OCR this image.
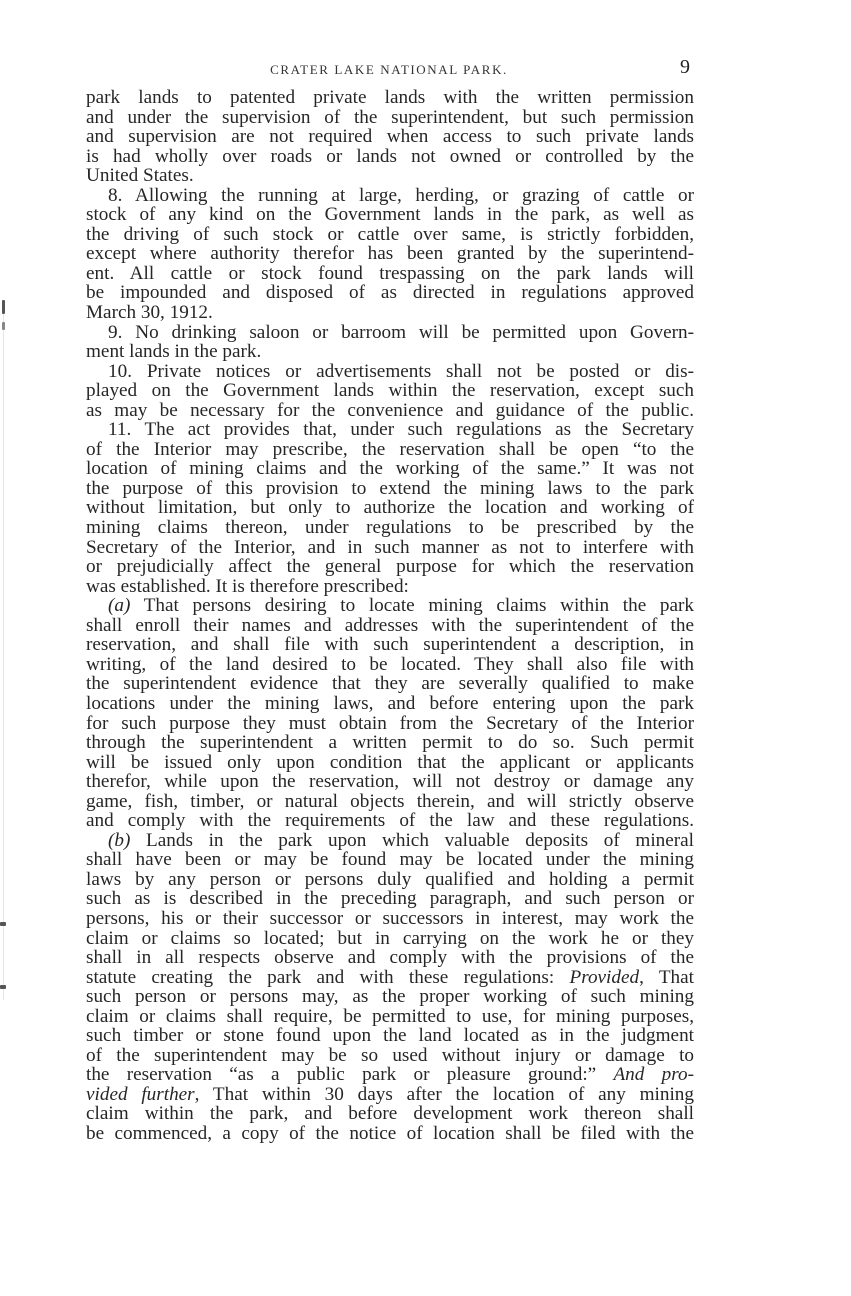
CRATER LAKE NATIONAL PARK.	9

park lands to patented private lands with the written permission
and under the supervision of the superintendent, but such permission
and supervision are not required when access to such private lands
is had wholly over roads or lands not owned or controlled by the
United States.

8. Allowing the running at large, herding, or grazing of cattle or
stock of any kind on the Government lands in the park, as well as
the driving of such stock or cattle over same, is strictly forbidden,
except where authority therefor has been granted by the superintend-
ent. All cattle or stock found trespassing on the park lands will
be impounded and disposed of as directed in regulations approved
March 30, 1912.

9. No drinking saloon or barroom will be permitted upon Govern-
ment lands in the park.

10. Private notices or advertisements shall not be posted or dis-
played on the Government lands within the reservation, except such
as may be necessary for the convenience and guidance of the public.

11. The act provides that, under such regulations as the Secretary
of the Interior may prescribe, the reservation shall be open “to the
location of mining claims and the working of the same.” It was not
the purpose of this provision to extend the mining laws to the park
without limitation, but only to authorize the location and working of
mining claims thereon, under regulations to be prescribed by the
Secretary of the Interior, and in such manner as not to interfere with
or prejudicially affect the general purpose for which the reservation
was established. It is therefore prescribed:

(a) That persons desiring to locate mining claims within the park
shall enroll their names and addresses with the superintendent of the
reservation, and shall file with such superintendent a description, in
writing, of the land desired to be located. They shall also file with
the superintendent evidence that they are severally qualified to make
locations under the mining laws, and before entering upon the park
for such purpose they must obtain from the Secretary of the Interior
through the superintendent a written permit to do so. Such permit
will be issued only upon condition that the applicant or applicants
therefor, while upon the reservation, will not destroy or damage any
game, fish, timber, or natural objects therein, and will strictly observe
and comply with the requirements of the law and these regulations.

(b) Lands in the park upon which valuable deposits of mineral
shall have been or may be found may be located under the mining
laws by any person or persons duly qualified and holding a permit
such as is described in the preceding paragraph, and such person or
persons, his or their successor or successors in interest, may work the
claim or claims so located; but in carrying on the work he or they
shall in all respects observe and comply with the provisions of the
statute creating the park and with these regulations: Provided, That
such person or persons may, as the proper working of such mining
claim or claims shall require, be permitted to use, for mining purposes,
such timber or stone found upon the land located as in the judgment
of the superintendent may be so used without injury or damage to
the reservation “as a public park or pleasure ground:” And pro-
vided further, That within 30 days after the location of any mining
claim within the park, and before development work thereon shall
be commenced, a copy of the notice of location shall be filed with the
